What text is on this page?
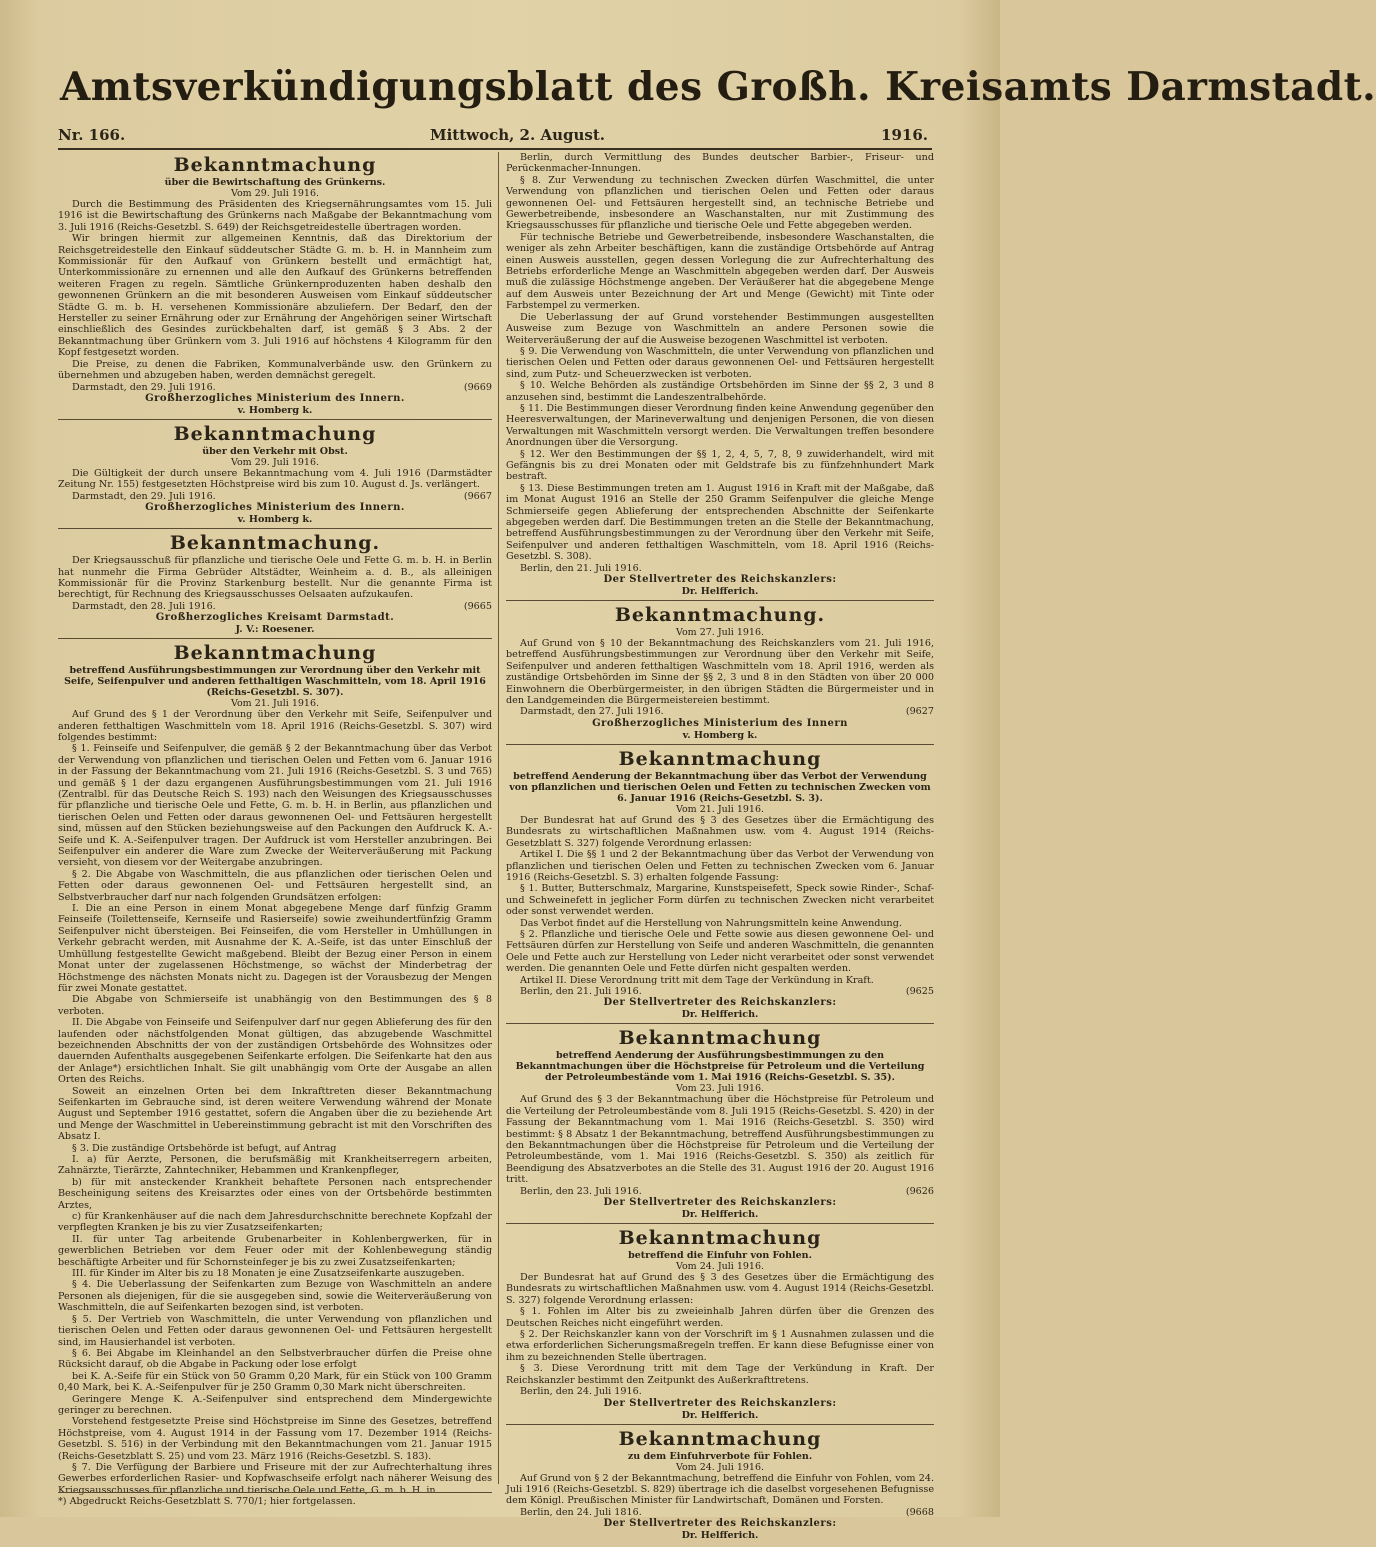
Amtsverkündigungsblatt des Großh. Kreisamts Darmstadt.
Nr. 166.	Mittwoch, 2. August.	1916.
Bekanntmachung
über die Bewirtschaftung des Grünkerns.
Vom 29. Juli 1916.

Durch die Bestimmung des Präsidenten des Kriegsernährungsamtes vom 15. Juli 1916 ist die Bewirtschaftung des Grünkerns nach Maßgabe der Bekanntmachung vom 3. Juli 1916 (Reichs-Gesetzbl. S. 649) der Reichsgetreidestelle übertragen worden.

Wir bringen hiermit zur allgemeinen Kenntnis, daß das Direktorium der Reichsgetreidestelle den Einkauf süddeutscher Städte G. m. b. H. in Mannheim zum Kommissionär für den Aufkauf von Grünkern bestellt und ermächtigt hat, Unterkommissionäre zu ernennen und alle den Aufkauf des Grünkerns betreffenden weiteren Fragen zu regeln. Sämtliche Grünkernproduzenten haben deshalb den gewonnenen Grünkern an die mit besonderen Ausweisen vom Einkauf süddeutscher Städte G. m. b. H. versehenen Kommissionäre abzuliefern. Der Bedarf, den der Hersteller zu seiner Ernährung oder zur Ernährung der Angehörigen seiner Wirtschaft einschließlich des Gesindes zurückbehalten darf, ist gemäß § 3 Abs. 2 der Bekanntmachung über Grünkern vom 3. Juli 1916 auf höchstens 4 Kilogramm für den Kopf festgesetzt worden.

Die Preise, zu denen die Fabriken, Kommunalverbände usw. den Grünkern zu übernehmen und abzugeben haben, werden demnächst geregelt.

Darmstadt, den 29. Juli 1916.	(9669
Großherzogliches Ministerium des Innern.
v. Homberg k.
Bekanntmachung
über den Verkehr mit Obst.
Vom 29. Juli 1916.

Die Gültigkeit der durch unsere Bekanntmachung vom 4. Juli 1916 (Darmstädter Zeitung Nr. 155) festgesetzten Höchstpreise wird bis zum 10. August d. Js. verlängert.

Darmstadt, den 29. Juli 1916.	(9667
Großherzogliches Ministerium des Innern.
v. Homberg k.
Bekanntmachung.

Der Kriegsausschuß für pflanzliche und tierische Oele und Fette G. m. b. H. in Berlin hat nunmehr die Firma Gebrüder Altstädter, Weinheim a. d. B., als alleinigen Kommissionär für die Provinz Starkenburg bestellt. Nur die genannte Firma ist berechtigt, für Rechnung des Kriegsausschusses Oelsaaten aufzukaufen.

Darmstadt, den 28. Juli 1916.	(9665
Großherzogliches Kreisamt Darmstadt.
J. V.: Roesener.
Bekanntmachung
betreffend Ausführungsbestimmungen zur Verordnung über den Verkehr mit Seife, Seifenpulver und anderen fetthaltigen Waschmitteln, vom 18. April 1916 (Reichs-Gesetzbl. S. 307).
Vom 21. Juli 1916.

Auf Grund des § 1 der Verordnung über den Verkehr mit Seife, Seifenpulver und anderen fetthaltigen Waschmitteln vom 18. April 1916 (Reichs-Gesetzbl. S. 307) wird folgendes bestimmt:

§ 1. Feinseife und Seifenpulver, die gemäß § 2 der Bekanntmachung über das Verbot der Verwendung von pflanzlichen und tierischen Oelen und Fetten vom 6. Januar 1916 in der Fassung der Bekanntmachung vom 21. Juli 1916 (Reichs-Gesetzbl. S. 3 und 765) und gemäß § 1 der dazu ergangenen Ausführungsbestimmungen vom 21. Juli 1916 (Zentralbl. für das Deutsche Reich S. 193) nach den Weisungen des Kriegsausschusses für pflanzliche und tierische Oele und Fette, G. m. b. H. in Berlin, aus pflanzlichen und tierischen Oelen und Fetten oder daraus gewonnenen Oel- und Fettsäuren hergestellt sind, müssen auf den Stücken beziehungsweise auf den Packungen den Aufdruck K. A.-Seife und K. A.-Seifenpulver tragen. Der Aufdruck ist vom Hersteller anzubringen. Bei Seifenpulver ein anderer die Ware zum Zwecke der Weiterveräußerung mit Packung versieht, von diesem vor der Weitergabe anzubringen.

§ 2. Die Abgabe von Waschmitteln, die aus pflanzlichen oder tierischen Oelen und Fetten oder daraus gewonnenen Oel- und Fettsäuren hergestellt sind, an Selbstverbraucher darf nur nach folgenden Grundsätzen erfolgen:

I. Die an eine Person in einem Monat abgegebene Menge darf fünfzig Gramm Feinseife (Toilettenseife, Kernseife und Rasierseife) sowie zweihundertfünfzig Gramm Seifenpulver nicht übersteigen. Bei Feinseifen, die vom Hersteller in Umhüllungen in Verkehr gebracht werden, mit Ausnahme der K. A.-Seife, ist das unter Einschluß der Umhüllung festgestellte Gewicht maßgebend. Bleibt der Bezug einer Person in einem Monat unter der zugelassenen Höchstmenge, so wächst der Minderbetrag der Höchstmenge des nächsten Monats nicht zu. Dagegen ist der Vorausbezug der Mengen für zwei Monate gestattet.

Die Abgabe von Schmierseife ist unabhängig von den Bestimmungen des § 8 verboten.

II. Die Abgabe von Feinseife und Seifenpulver darf nur gegen Ablieferung des für den laufenden oder nächstfolgenden Monat gültigen, das abzugebende Waschmittel bezeichnenden Abschnitts der von der zuständigen Ortsbehörde des Wohnsitzes oder dauernden Aufenthalts ausgegebenen Seifenkarte erfolgen. Die Seifenkarte hat den aus der Anlage*) ersichtlichen Inhalt. Sie gilt unabhängig vom Orte der Ausgabe an allen Orten des Reichs.

Soweit an einzelnen Orten bei dem Inkrafttreten dieser Bekanntmachung Seifenkarten im Gebrauche sind, ist deren weitere Verwendung während der Monate August und September 1916 gestattet, sofern die Angaben über die zu beziehende Art und Menge der Waschmittel in Uebereinstimmung gebracht ist mit den Vorschriften des Absatz I.

§ 3. Die zuständige Ortsbehörde ist befugt, auf Antrag

I. a) für Aerzte, Personen, die berufsmäßig mit Krankheitserregern arbeiten, Zahnärzte, Tierärzte, Zahntechniker, Hebammen und Krankenpfleger,

b) für mit ansteckender Krankheit behaftete Personen nach entsprechender Bescheinigung seitens des Kreisarztes oder eines von der Ortsbehörde bestimmten Arztes,

c) für Krankenhäuser auf die nach dem Jahresdurchschnitte berechnete Kopfzahl der verpflegten Kranken je bis zu vier Zusatzseifenkarten;

II. für unter Tag arbeitende Grubenarbeiter in Kohlenbergwerken, für in gewerblichen Betrieben vor dem Feuer oder mit der Kohlenbewegung ständig beschäftigte Arbeiter und für Schornsteinfeger je bis zu zwei Zusatzseifenkarten;

III. für Kinder im Alter bis zu 18 Monaten je eine Zusatzseifenkarte auszugeben.

§ 4. Die Ueberlassung der Seifenkarten zum Bezuge von Waschmitteln an andere Personen als diejenigen, für die sie ausgegeben sind, sowie die Weiterveräußerung von Waschmitteln, die auf Seifenkarten bezogen sind, ist verboten.

§ 5. Der Vertrieb von Waschmitteln, die unter Verwendung von pflanzlichen und tierischen Oelen und Fetten oder daraus gewonnenen Oel- und Fettsäuren hergestellt sind, im Hausierhandel ist verboten.

§ 6. Bei Abgabe im Kleinhandel an den Selbstverbraucher dürfen die Preise ohne Rücksicht darauf, ob die Abgabe in Packung oder lose erfolgt

bei K. A.-Seife für ein Stück von 50 Gramm 0,20 Mark, für ein Stück von 100 Gramm 0,40 Mark, bei K. A.-Seifenpulver für je 250 Gramm 0,30 Mark nicht überschreiten.

Geringere Menge K. A.-Seifenpulver sind entsprechend dem Mindergewichte geringer zu berechnen.

Vorstehend festgesetzte Preise sind Höchstpreise im Sinne des Gesetzes, betreffend Höchstpreise, vom 4. August 1914 in der Fassung vom 17. Dezember 1914 (Reichs-Gesetzbl. S. 516) in der Verbindung mit den Bekanntmachungen vom 21. Januar 1915 (Reichs-Gesetzblatt S. 25) und vom 23. März 1916 (Reichs-Gesetzbl. S. 183).

§ 7. Die Verfügung der Barbiere und Friseure mit der zur Aufrechterhaltung ihres Gewerbes erforderlichen Rasier- und Kopfwaschseife erfolgt nach näherer Weisung des Kriegsausschusses für pflanzliche und tierische Oele und Fette, G. m. b. H. in

Berlin, durch Vermittlung des Bundes deutscher Barbier-, Friseur- und Perückenmacher-Innungen.

§ 8. Zur Verwendung zu technischen Zwecken dürfen Waschmittel, die unter Verwendung von pflanzlichen und tierischen Oelen und Fetten oder daraus gewonnenen Oel- und Fettsäuren hergestellt sind, an technische Betriebe und Gewerbetreibende, insbesondere an Waschanstalten, nur mit Zustimmung des Kriegsausschusses für pflanzliche und tierische Oele und Fette abgegeben werden.

Für technische Betriebe und Gewerbetreibende, insbesondere Waschanstalten, die weniger als zehn Arbeiter beschäftigen, kann die zuständige Ortsbehörde auf Antrag einen Ausweis ausstellen, gegen dessen Vorlegung die zur Aufrechterhaltung des Betriebs erforderliche Menge an Waschmitteln abgegeben werden darf. Der Ausweis muß die zulässige Höchstmenge angeben. Der Veräußerer hat die abgegebene Menge auf dem Ausweis unter Bezeichnung der Art und Menge (Gewicht) mit Tinte oder Farbstempel zu vermerken.

Die Ueberlassung der auf Grund vorstehender Bestimmungen ausgestellten Ausweise zum Bezuge von Waschmitteln an andere Personen sowie die Weiterveräußerung der auf die Ausweise bezogenen Waschmittel ist verboten.

§ 9. Die Verwendung von Waschmitteln, die unter Verwendung von pflanzlichen und tierischen Oelen und Fetten oder daraus gewonnenen Oel- und Fettsäuren hergestellt sind, zum Putz- und Scheuerzwecken ist verboten.

§ 10. Welche Behörden als zuständige Ortsbehörden im Sinne der §§ 2, 3 und 8 anzusehen sind, bestimmt die Landeszentralbehörde.

§ 11. Die Bestimmungen dieser Verordnung finden keine Anwendung gegenüber den Heeresverwaltungen, der Marineverwaltung und denjenigen Personen, die von diesen Verwaltungen mit Waschmitteln versorgt werden. Die Verwaltungen treffen besondere Anordnungen über die Versorgung.

§ 12. Wer den Bestimmungen der §§ 1, 2, 4, 5, 7, 8, 9 zuwiderhandelt, wird mit Gefängnis bis zu drei Monaten oder mit Geldstrafe bis zu fünfzehnhundert Mark bestraft.

§ 13. Diese Bestimmungen treten am 1. August 1916 in Kraft mit der Maßgabe, daß im Monat August 1916 an Stelle der 250 Gramm Seifenpulver die gleiche Menge Schmierseife gegen Ablieferung der entsprechenden Abschnitte der Seifenkarte abgegeben werden darf. Die Bestimmungen treten an die Stelle der Bekanntmachung, betreffend Ausführungsbestimmungen zu der Verordnung über den Verkehr mit Seife, Seifenpulver und anderen fetthaltigen Waschmitteln, vom 18. April 1916 (Reichs-Gesetzbl. S. 308).

Berlin, den 21. Juli 1916.
Der Stellvertreter des Reichskanzlers:
Dr. Helfferich.
Bekanntmachung.
Vom 27. Juli 1916.

Auf Grund von § 10 der Bekanntmachung des Reichskanzlers vom 21. Juli 1916, betreffend Ausführungsbestimmungen zur Verordnung über den Verkehr mit Seife, Seifenpulver und anderen fetthaltigen Waschmitteln vom 18. April 1916, werden als zuständige Ortsbehörden im Sinne der §§ 2, 3 und 8 in den Städten von über 20 000 Einwohnern die Oberbürgermeister, in den übrigen Städten die Bürgermeister und in den Landgemeinden die Bürgermeistereien bestimmt.

Darmstadt, den 27. Juli 1916.	(9627
Großherzogliches Ministerium des Innern
v. Homberg k.
Bekanntmachung
betreffend Aenderung der Bekanntmachung über das Verbot der Verwendung von pflanzlichen und tierischen Oelen und Fetten zu technischen Zwecken vom 6. Januar 1916 (Reichs-Gesetzbl. S. 3).
Vom 21. Juli 1916.

Der Bundesrat hat auf Grund des § 3 des Gesetzes über die Ermächtigung des Bundesrats zu wirtschaftlichen Maßnahmen usw. vom 4. August 1914 (Reichs-Gesetzblatt S. 327) folgende Verordnung erlassen:

Artikel I. Die §§ 1 und 2 der Bekanntmachung über das Verbot der Verwendung von pflanzlichen und tierischen Oelen und Fetten zu technischen Zwecken vom 6. Januar 1916 (Reichs-Gesetzbl. S. 3) erhalten folgende Fassung:

§ 1. Butter, Butterschmalz, Margarine, Kunstspeisefett, Speck sowie Rinder-, Schaf- und Schweinefett in jeglicher Form dürfen zu technischen Zwecken nicht verarbeitet oder sonst verwendet werden.

Das Verbot findet auf die Herstellung von Nahrungsmitteln keine Anwendung.

§ 2. Pflanzliche und tierische Oele und Fette sowie aus diesen gewonnene Oel- und Fettsäuren dürfen zur Herstellung von Seife und anderen Waschmitteln, die genannten Oele und Fette auch zur Herstellung von Leder nicht verarbeitet oder sonst verwendet werden. Die genannten Oele und Fette dürfen nicht gespalten werden.

Artikel II. Diese Verordnung tritt mit dem Tage der Verkündung in Kraft.

Berlin, den 21. Juli 1916.	(9625
Der Stellvertreter des Reichskanzlers:
Dr. Helfferich.
Bekanntmachung
betreffend Aenderung der Ausführungsbestimmungen zu den Bekanntmachungen über die Höchstpreise für Petroleum und die Verteilung der Petroleumbestände vom 1. Mai 1916 (Reichs-Gesetzbl. S. 35).
Vom 23. Juli 1916.

Auf Grund des § 3 der Bekanntmachung über die Höchstpreise für Petroleum und die Verteilung der Petroleumbestände vom 8. Juli 1915 (Reichs-Gesetzbl. S. 420) in der Fassung der Bekanntmachung vom 1. Mai 1916 (Reichs-Gesetzbl. S. 350) wird bestimmt: § 8 Absatz 1 der Bekanntmachung, betreffend Ausführungsbestimmungen zu den Bekanntmachungen über die Höchstpreise für Petroleum und die Verteilung der Petroleumbestände, vom 1. Mai 1916 (Reichs-Gesetzbl. S. 350) als zeitlich für Beendigung des Absatzverbotes an die Stelle des 31. August 1916 der 20. August 1916 tritt.

Berlin, den 23. Juli 1916.	(9626
Der Stellvertreter des Reichskanzlers:
Dr. Helfferich.
Bekanntmachung
betreffend die Einfuhr von Fohlen.
Vom 24. Juli 1916.

Der Bundesrat hat auf Grund des § 3 des Gesetzes über die Ermächtigung des Bundesrats zu wirtschaftlichen Maßnahmen usw. vom 4. August 1914 (Reichs-Gesetzbl. S. 327) folgende Verordnung erlassen:

§ 1. Fohlen im Alter bis zu zweieinhalb Jahren dürfen über die Grenzen des Deutschen Reiches nicht eingeführt werden.

§ 2. Der Reichskanzler kann von der Vorschrift im § 1 Ausnahmen zulassen und die etwa erforderlichen Sicherungsmaßregeln treffen. Er kann diese Befugnisse einer von ihm zu bezeichnenden Stelle übertragen.

§ 3. Diese Verordnung tritt mit dem Tage der Verkündung in Kraft. Der Reichskanzler bestimmt den Zeitpunkt des Außerkrafttretens.

Berlin, den 24. Juli 1916.
Der Stellvertreter des Reichskanzlers:
Dr. Helfferich.
Bekanntmachung
zu dem Einfuhrverbote für Fohlen.
Vom 24. Juli 1916.

Auf Grund von § 2 der Bekanntmachung, betreffend die Einfuhr von Fohlen, vom 24. Juli 1916 (Reichs-Gesetzbl. S. 829) übertrage ich die daselbst vorgesehenen Befugnisse dem Königl. Preußischen Minister für Landwirtschaft, Domänen und Forsten.

Berlin, den 24. Juli 1816.	(9668
Der Stellvertreter des Reichskanzlers:
Dr. Helfferich.
*) Abgedruckt Reichs-Gesetzblatt S. 770/1; hier fortgelassen.
